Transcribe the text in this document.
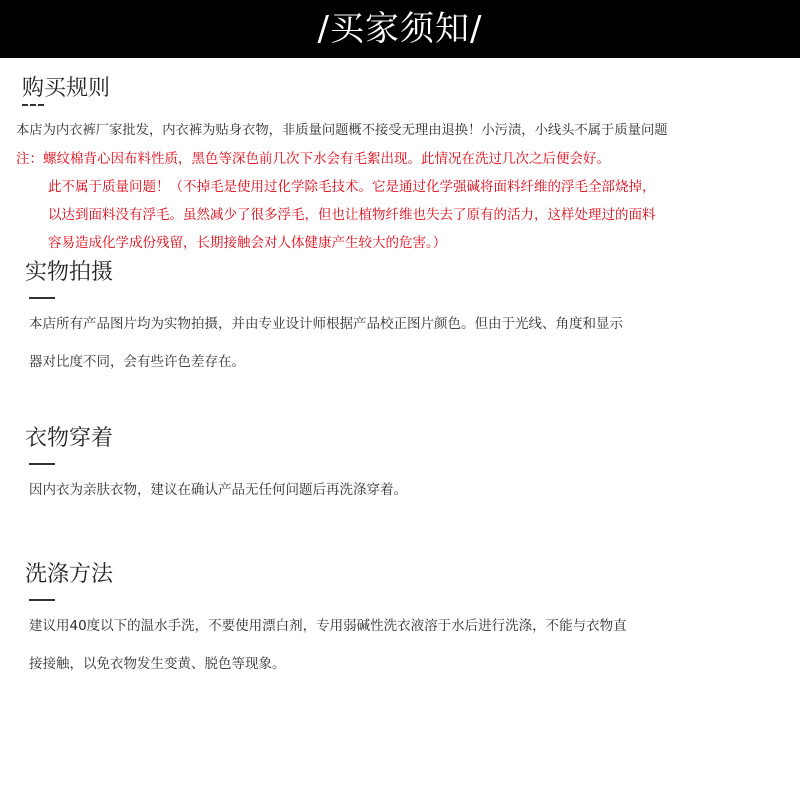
/买家须知/
购买规则
本店为内衣裤厂家批发，内衣裤为贴身衣物，非质量问题概不接受无理由退换！小污渍，小线头不属于质量问题
注：螺纹棉背心因布料性质，黑色等深色前几次下水会有毛絮出现。此情况在洗过几次之后便会好。
此不属于质量问题！（不掉毛是使用过化学除毛技术。它是通过化学强碱将面料纤维的浮毛全部烧掉，
以达到面料没有浮毛。虽然减少了很多浮毛，但也让植物纤维也失去了原有的活力，这样处理过的面料
容易造成化学成份残留，长期接触会对人体健康产生较大的危害。）
实物拍摄
本店所有产品图片均为实物拍摄，并由专业设计师根据产品校正图片颜色。但由于光线、角度和显示
器对比度不同，会有些许色差存在。
衣物穿着
因内衣为亲肤衣物，建议在确认产品无任何问题后再洗涤穿着。
洗涤方法
建议用40度以下的温水手洗，不要使用漂白剂，专用弱碱性洗衣液溶于水后进行洗涤，不能与衣物直
接接触，以免衣物发生变黄、脱色等现象。
